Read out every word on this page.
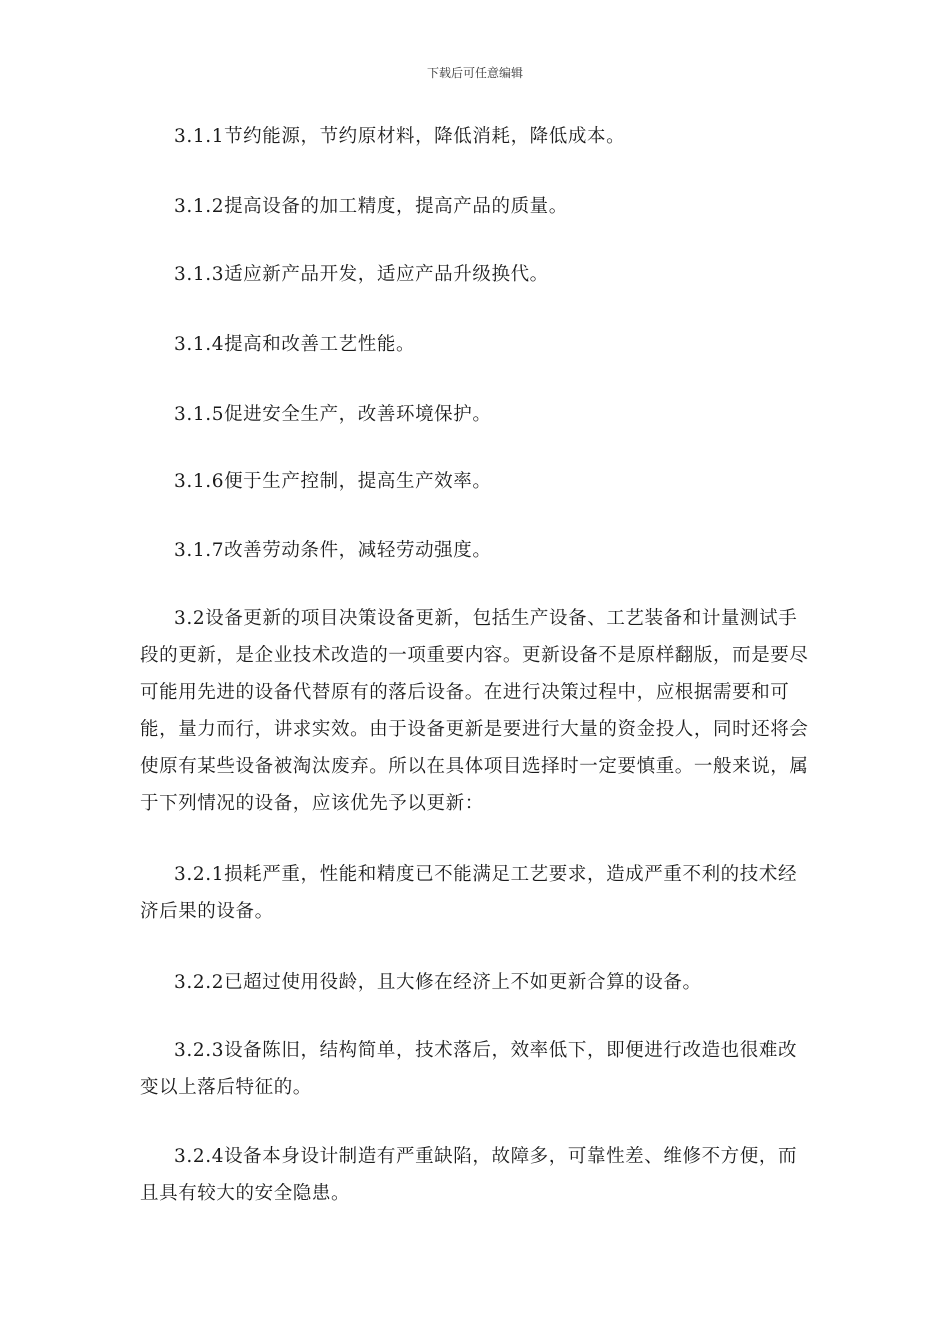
下载后可任意编辑

3.1.1节约能源，节约原材料，降低消耗，降低成本。

3.1.2提高设备的加工精度，提高产品的质量。

3.1.3适应新产品开发，适应产品升级换代。

3.1.4提高和改善工艺性能。

3.1.5促进安全生产，改善环境保护。

3.1.6便于生产控制，提高生产效率。

3.1.7改善劳动条件，减轻劳动强度。

3.2设备更新的项目决策设备更新，包括生产设备、工艺装备和计量测试手段的更新，是企业技术改造的一项重要内容。更新设备不是原样翻版，而是要尽可能用先进的设备代替原有的落后设备。在进行决策过程中，应根据需要和可能，量力而行，讲求实效。由于设备更新是要进行大量的资金投人，同时还将会使原有某些设备被淘汰废弃。所以在具体项目选择时一定要慎重。一般来说，属于下列情况的设备，应该优先予以更新：

3.2.1损耗严重，性能和精度已不能满足工艺要求，造成严重不利的技术经济后果的设备。

3.2.2已超过使用役龄，且大修在经济上不如更新合算的设备。

3.2.3设备陈旧，结构简单，技术落后，效率低下，即便进行改造也很难改变以上落后特征的。

3.2.4设备本身设计制造有严重缺陷，故障多，可靠性差、维修不方便，而且具有较大的安全隐患。
